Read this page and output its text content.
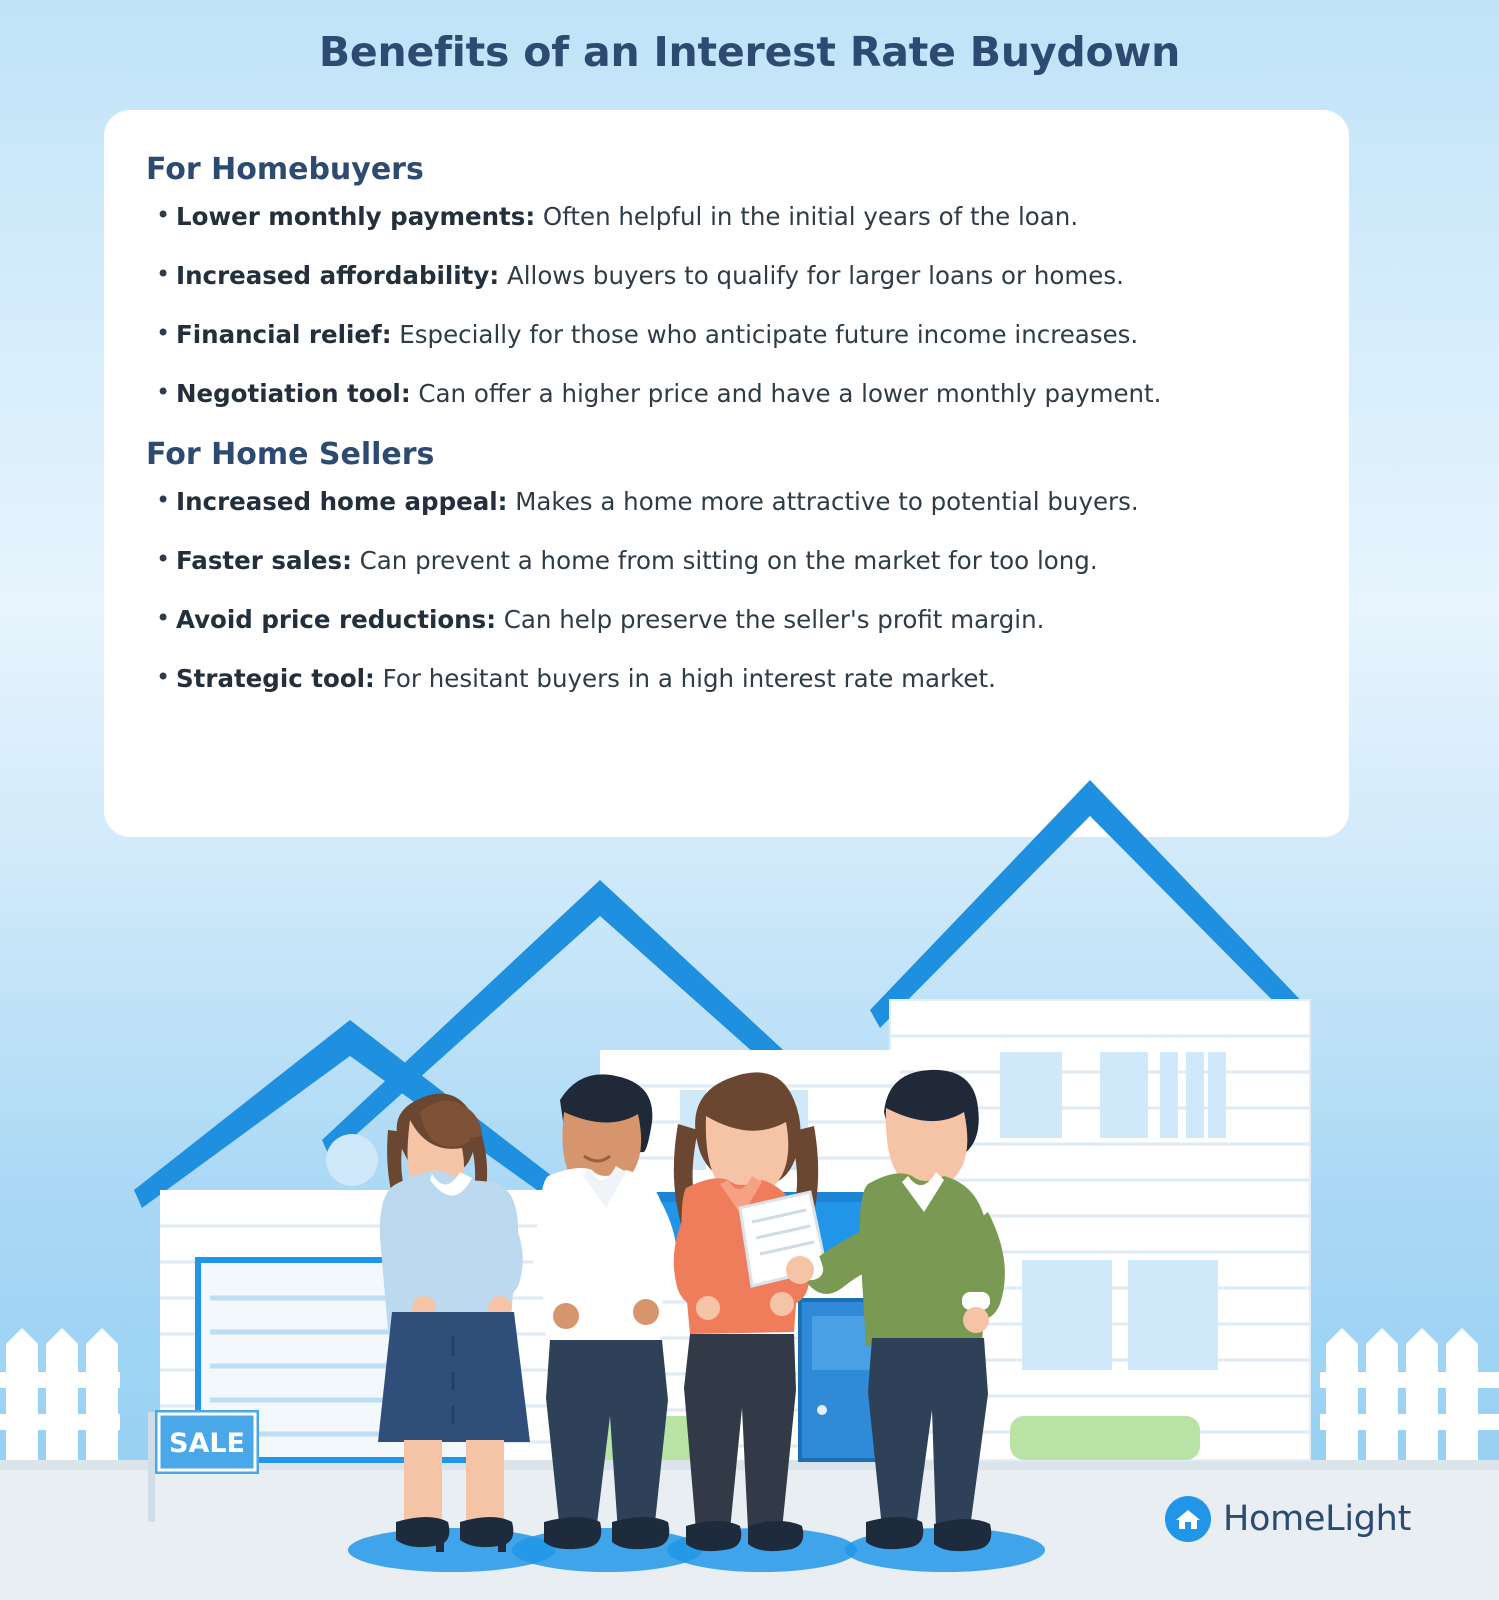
Benefits of an Interest Rate Buydown
For Homebuyers
• Lower monthly payments: Often helpful in the initial years of the loan.
• Increased affordability: Allows buyers to qualify for larger loans or homes.
• Financial relief: Especially for those who anticipate future income increases.
• Negotiation tool: Can offer a higher price and have a lower monthly payment.
For Home Sellers
• Increased home appeal: Makes a home more attractive to potential buyers.
• Faster sales: Can prevent a home from sitting on the market for too long.
• Avoid price reductions: Can help preserve the seller's profit margin.
• Strategic tool: For hesitant buyers in a high interest rate market.
SALE
HomeLight
